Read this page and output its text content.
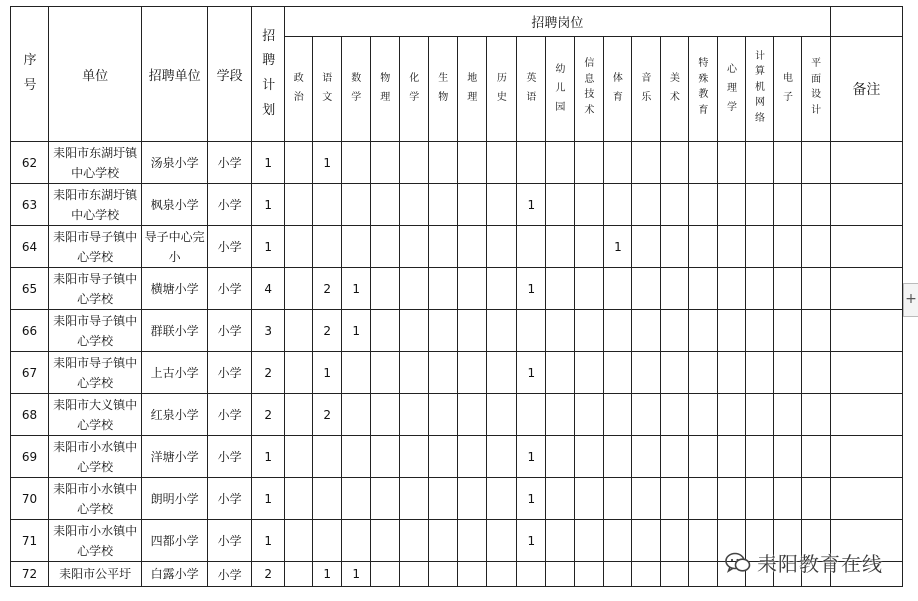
序号	单位	招聘单位	学段	招聘计划	招聘岗位																			
					政治	语文	数学	物理	化学	生物	地理	历史	英语	幼儿园	信息技术	体育	音乐	美术	特殊教育	心理学	计算机网络	电子	平面设计	备注
62	耒阳市东湖圩镇中心学校	汤泉小学	小学	1		1																		
63	耒阳市东湖圩镇中心学校	枫泉小学	小学	1									1											
64	耒阳市导子镇中心学校	导子中心完小	小学	1												1								
65	耒阳市导子镇中心学校	横塘小学	小学	4		2	1						1											
66	耒阳市导子镇中心学校	群联小学	小学	3		2	1																	
67	耒阳市导子镇中心学校	上古小学	小学	2		1							1											
68	耒阳市大义镇中心学校	红泉小学	小学	2		2																		
69	耒阳市小水镇中心学校	洋塘小学	小学	1									1											
70	耒阳市小水镇中心学校	朗明小学	小学	1									1											
71	耒阳市小水镇中心学校	四都小学	小学	1									1											
72	耒阳市公平圩	白露小学	小学	2		1	1																	
+
耒阳教育在线
